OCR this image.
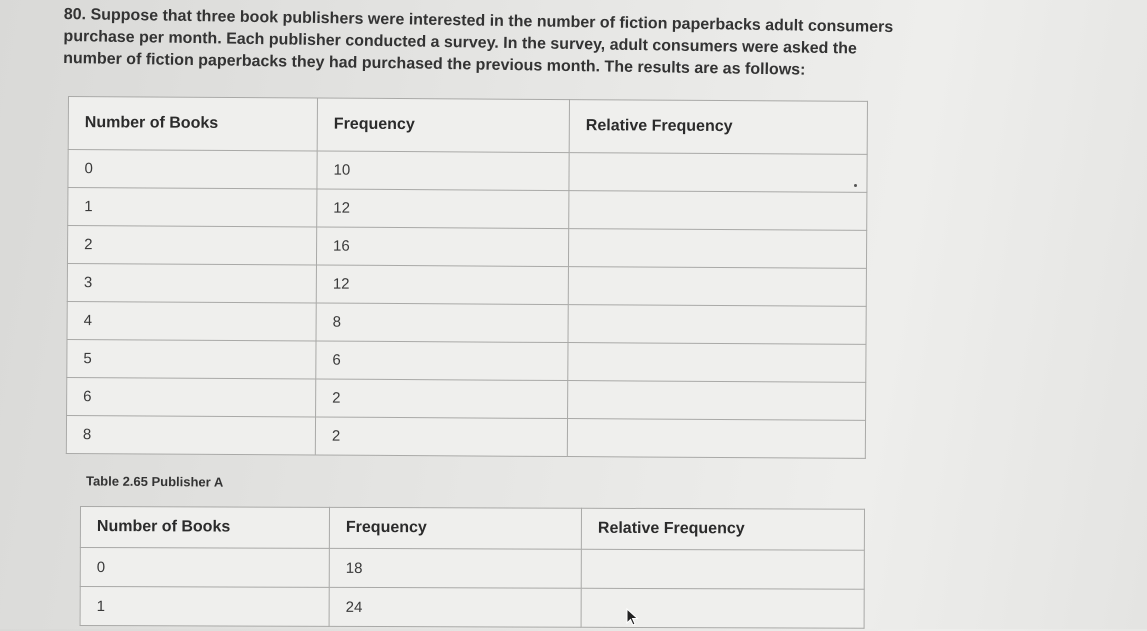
80. Suppose that three book publishers were interested in the number of fiction paperbacks adult consumers
purchase per month. Each publisher conducted a survey. In the survey, adult consumers were asked the
number of fiction paperbacks they had purchased the previous month. The results are as follows:
Number of Books	Frequency	Relative Frequency
0	10	
1	12	
2	16	
3	12	
4	8	
5	6	
6	2	
8	2	
Table 2.65 Publisher A
Number of Books	Frequency	Relative Frequency
0	18	
1	24	
